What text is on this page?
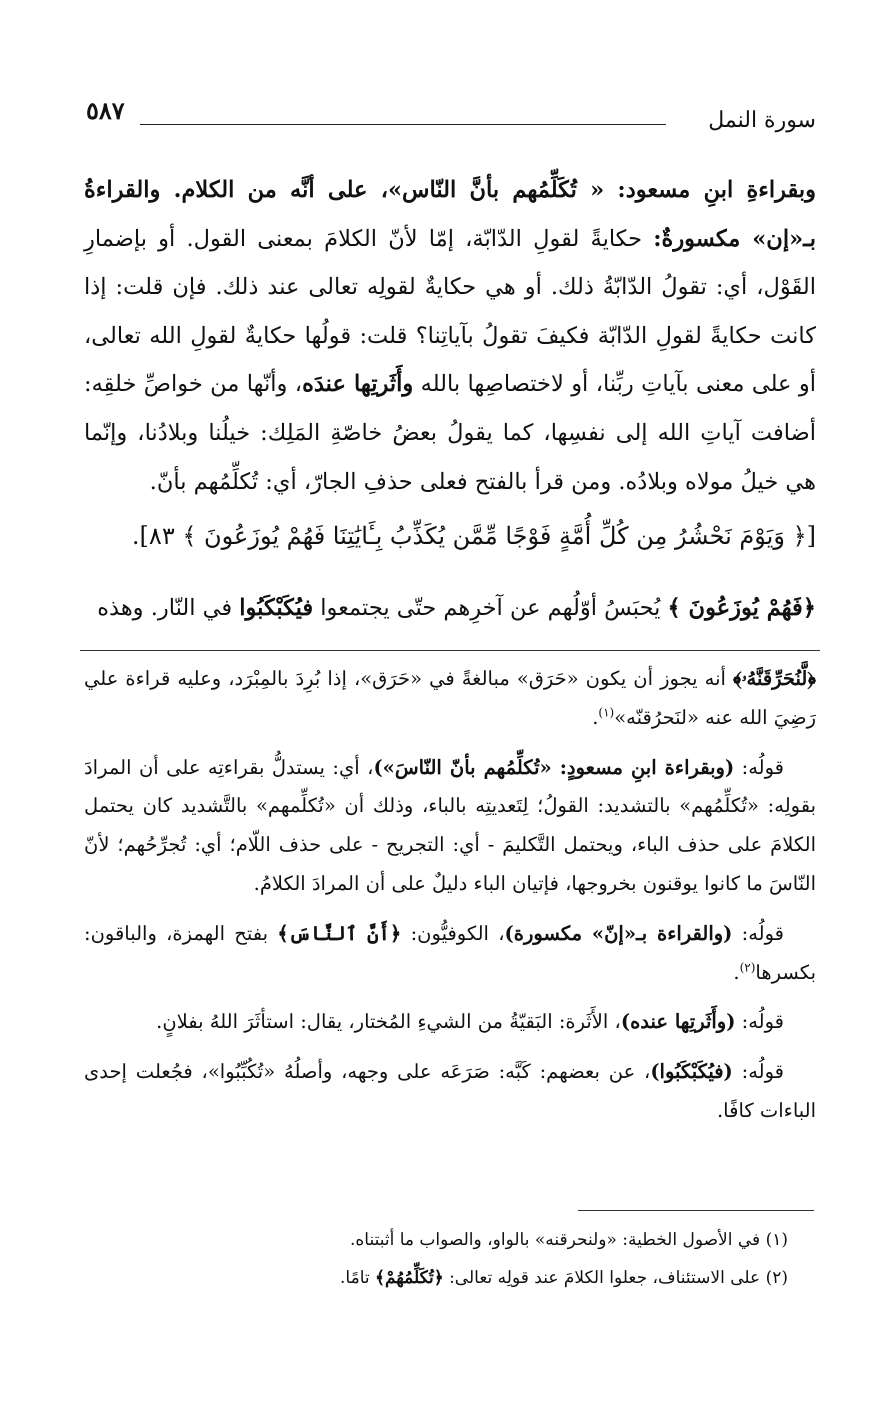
٥٨٧	سورة النمل

وبقراءةِ ابنِ مسعود: « تُكَلِّمُهم بأنَّ النّاس»، على أنَّه من الكلام. والقراءةُ بـ«إن» مكسورةٌ: حكايةً لقولِ الدّابّة، إمّا لأنّ الكلامَ بمعنى القول. أو بإضمارِ القَوْل، أي: تقولُ الدّابّةُ ذلك. أو هي حكايةٌ لقولِه تعالى عند ذلك. فإن قلت: إذا كانت حكايةً لقولِ الدّابّة فكيفَ تقولُ بآياتِنا؟ قلت: قولُها حكايةٌ لقولِ الله تعالى، أو على معنى بآياتِ ربِّنا، أو لاختصاصِها بالله وأَثَرتِها عندَه، وأنّها من خواصِّ خلقِه: أضافت آياتِ الله إلى نفسِها، كما يقولُ بعضُ خاصّةِ المَلِك: خيلُنا وبلادُنا، وإنّما هي خيلُ مولاه وبلادُه. ومن قرأ بالفتح فعلى حذفِ الجارّ، أي: تُكلِّمُهم بأنّ.

[﴿ وَيَوْمَ نَحْشُرُ مِن كُلِّ أُمَّةٍ فَوْجًا مِّمَّن يُكَذِّبُ بِـَٔايَٰتِنَا فَهُمْ يُوزَعُونَ ﴾ ٨٣].
﴿فَهُمْ يُوزَعُونَ ﴾ يُحبَسُ أوّلُهم عن آخرِهم حتّى يجتمعوا فيُكَبْكَبُوا في النّار. وهذه

﴿لَّنُحَرِّقَنَّهُۥ﴾ أنه يجوز أن يكون «حَرَق» مبالغةً في «حَرَق»، إذا بُرِدَ بالمِبْرَد، وعليه قراءة علي رَضِيَ الله عنه «لنَحرُقنّه»$^{(١)}$.

قولُه: (وبقراءة ابنِ مسعودٍ: «تُكلِّمُهم بأنّ النّاسَ»)، أي: يستدلُّ بقراءتِه على أن المرادَ بقولِه: «تُكلِّمُهم» بالتشديد: القولُ؛ لِتَعديتِه بالباء، وذلك أن «تُكلِّمهم» بالتَّشديد كان يحتمل الكلامَ على حذف الباء، ويحتمل التَّكليمَ - أي: التجريح - على حذف اللّام؛ أي: تُجرِّحُهم؛ لأنّ النّاسَ ما كانوا يوقنون بخروجها، فإتيان الباء دليلٌ على أن المرادَ الكلامُ.

قولُه: (والقراءة بـ«إنّ» مكسورة)، الكوفيُّون: ﴿أَنَّ ٱلنَّاسَ﴾ بفتح الهمزة، والباقون: بكسرها$^{(٢)}$.

قولُه: (وأَثَرتِها عنده)، الأَثَرة: البَقيّةُ من الشيءِ المُختار، يقال: استأثَرَ اللهُ بفلانٍ.

قولُه: (فيُكَبْكَبُوا)، عن بعضهم: كَبَّه: صَرَعَه على وجهه، وأصلُهُ «تُكُبِّبُوا»، فجُعلت إحدى الباءات كافًا.

(١) في الأصول الخطية: «ولنحرقنه» بالواو، والصواب ما أثبتناه.

(٢) على الاستئناف، جعلوا الكلامَ عند قولِه تعالى: ﴿تُكَلِّمُهُمْ﴾ تامًا.
